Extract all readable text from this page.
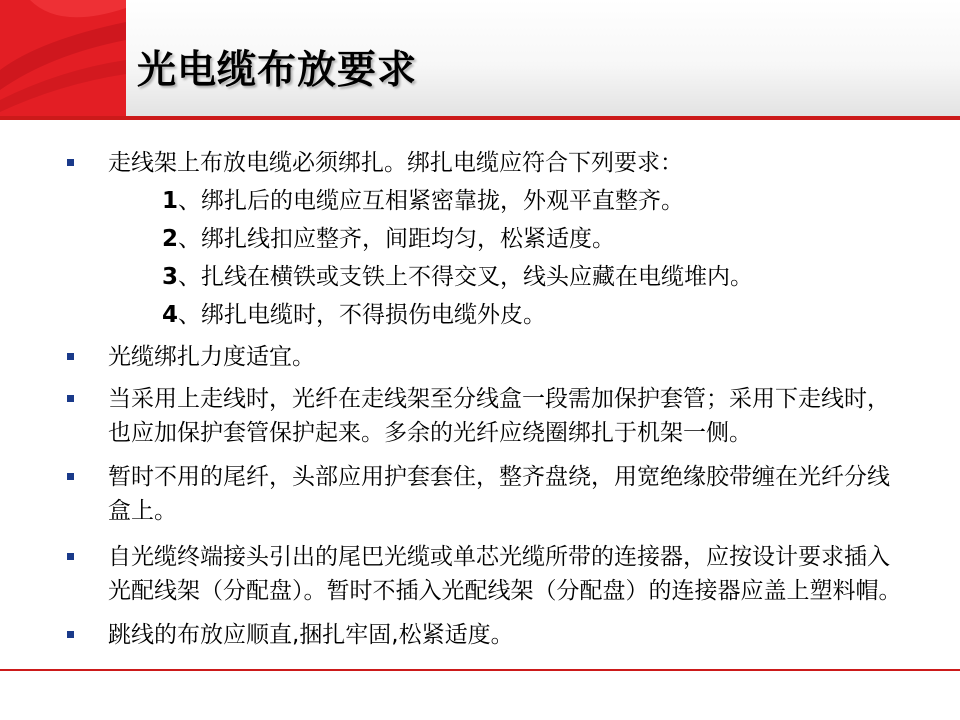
光电缆布放要求
走线架上布放电缆必须绑扎。绑扎电缆应符合下列要求：
1、绑扎后的电缆应互相紧密靠拢，外观平直整齐。
2、绑扎线扣应整齐，间距均匀，松紧适度。
3、扎线在横铁或支铁上不得交叉，线头应藏在电缆堆内。
4、绑扎电缆时，不得损伤电缆外皮。
光缆绑扎力度适宜。
当采用上走线时，光纤在走线架至分线盒一段需加保护套管；采用下走线时，也应加保护套管保护起来。多余的光纤应绕圈绑扎于机架一侧。
暂时不用的尾纤，头部应用护套套住，整齐盘绕，用宽绝缘胶带缠在光纤分线盒上。
自光缆终端接头引出的尾巴光缆或单芯光缆所带的连接器，应按设计要求插入光配线架（分配盘）。暂时不插入光配线架（分配盘）的连接器应盖上塑料帽。
跳线的布放应顺直,捆扎牢固,松紧适度。
